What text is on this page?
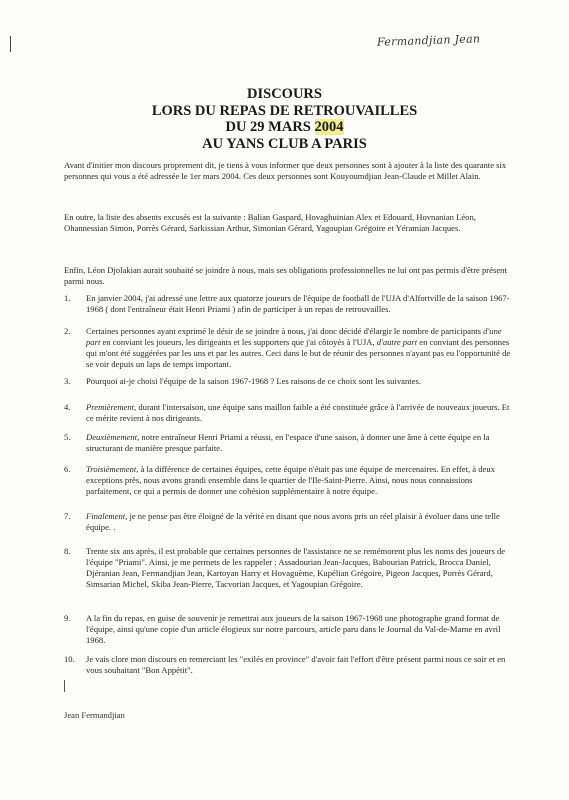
Fermandjian Jean
DISCOURS
LORS DU REPAS DE RETROUVAILLES
DU 29 MARS 2004
AU YANS CLUB A PARIS

Avant d'initier mon discours proprement dit, je tiens à vous informer que deux personnes sont à ajouter à la liste des quarante six personnes qui vous a été adressée le 1er mars 2004. Ces deux personnes sont Kouyoumdjian Jean-Claude et Millet Alain.

En outre, la liste des absents excusés est la suivante : Balian Gaspard, Hovaghuinian Alex et Edouard, Hovnanian Léon, Ohannessian Simon, Porrès Gérard, Sarkissian Arthur, Simonian Gérard, Yagoupian Grégoire et Yéramian Jacques.

Enfin, Léon Djolakian aurait souhaité se joindre à nous, mais ses obligations professionnelles ne lui ont pas permis d'être présent parmi nous.

1.	En janvier 2004, j'ai adressé une lettre aux quatorze joueurs de l'équipe de football de l'UJA d'Alfortville de la saison 1967-1968 ( dont l'entraîneur était Henri Priami ) afin de participer à un repas de retrouvailles.
2.	Certaines personnes ayant exprimé le désir de se joindre à nous, j'ai donc décidé d'élargir le nombre de participants d'une part en conviant les joueurs, les dirigeants et les supporters que j'ai côtoyés à l'UJA, d'autre part en conviant des personnes qui m'ont été suggérées par les uns et par les autres. Ceci dans le but de réunir des personnes n'ayant pas eu l'opportunité de se voir depuis un laps de temps important.
3.	Pourquoi ai-je choisi l'équipe de la saison 1967-1968 ? Les raisons de ce choix sont les suivantes.
4.	Premièrement, durant l'intersaison, une équipe sans maillon faible a été constituée grâce à l'arrivée de nouveaux joueurs. Et ce mérite revient à nos dirigeants.
5.	Deuxièmement, notre entraîneur Henri Priami a réussi, en l'espace d'une saison, à donner une âme à cette équipe en la structurant de manière presque parfaite.
6.	Troisièmement, à la différence de certaines équipes, cette équipe n'était pas une équipe de mercenaires. En effet, à deux exceptions près, nous avons grandi ensemble dans le quartier de l'Ile-Saint-Pierre. Ainsi, nous nous connaissions parfaitement, ce qui a permis de donner une cohésion supplémentaire à notre équipe.
7.	Finalement, je ne pense pas être éloigné de la vérité en disant que nous avons pris un réel plaisir à évoluer dans une telle équipe. .
8.	Trente six ans après, il est probable que certaines personnes de l'assistance ne se remémorent plus les noms des joueurs de l'équipe "Priami". Ainsi, je me permets de les rappeler : Assadourian Jean-Jacques, Babourian Patrick, Brocca Daniel, Djéranian Jean, Fermandjian Jean, Kartoyan Harry et Hovaguème, Kupélian Grégoire, Pigeon Jacques, Porrès Gérard, Simsarian Michel, Skiba Jean-Pierre, Tacvorian Jacques, et Yagoupian Grégoire.
9.	A la fin du repas, en guise de souvenir je remettrai aux joueurs de la saison 1967-1968 une photographe grand format de l'équipe, ainsi qu'une copie d'un article élogieux sur notre parcours, article paru dans le Journal du Val-de-Marne en avril 1968.
10.	Je vais clore mon discours en remerciant les "exilés en province" d'avoir fait l'effort d'être présent parmi nous ce soir et en vous souhaitant "Bon Appétit".
Jean Fermandjian
